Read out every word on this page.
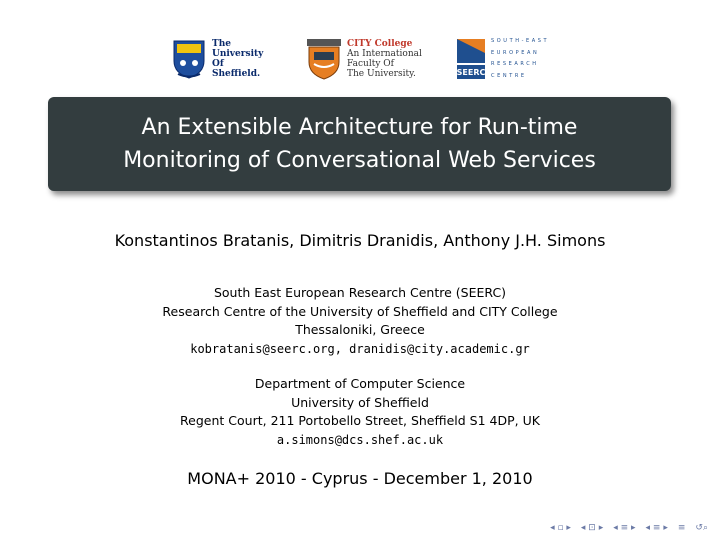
The
University
Of
Sheffield.
CITY College
An International
Faculty Of
The University.	SEERC
SOUTH-EAST
EUROPEAN
RESEARCH
CENTRE
An Extensible Architecture for Run-time
Monitoring of Conversational Web Services
Konstantinos Bratanis, Dimitris Dranidis, Anthony J.H. Simons
South East European Research Centre (SEERC)
Research Centre of the University of Sheffield and CITY College
Thessaloniki, Greece
kobratanis@seerc.org, dranidis@city.academic.gr
Department of Computer Science
University of Sheffield
Regent Court, 211 Portobello Street, Sheffield S1 4DP, UK
a.simons@dcs.shef.ac.uk
MONA+ 2010 - Cyprus - December 1, 2010
◂ ▫ ▸ ◂ ⊡ ▸ ◂ ≡ ▸ ◂ ≡ ▸ ≡ ↺⌕
